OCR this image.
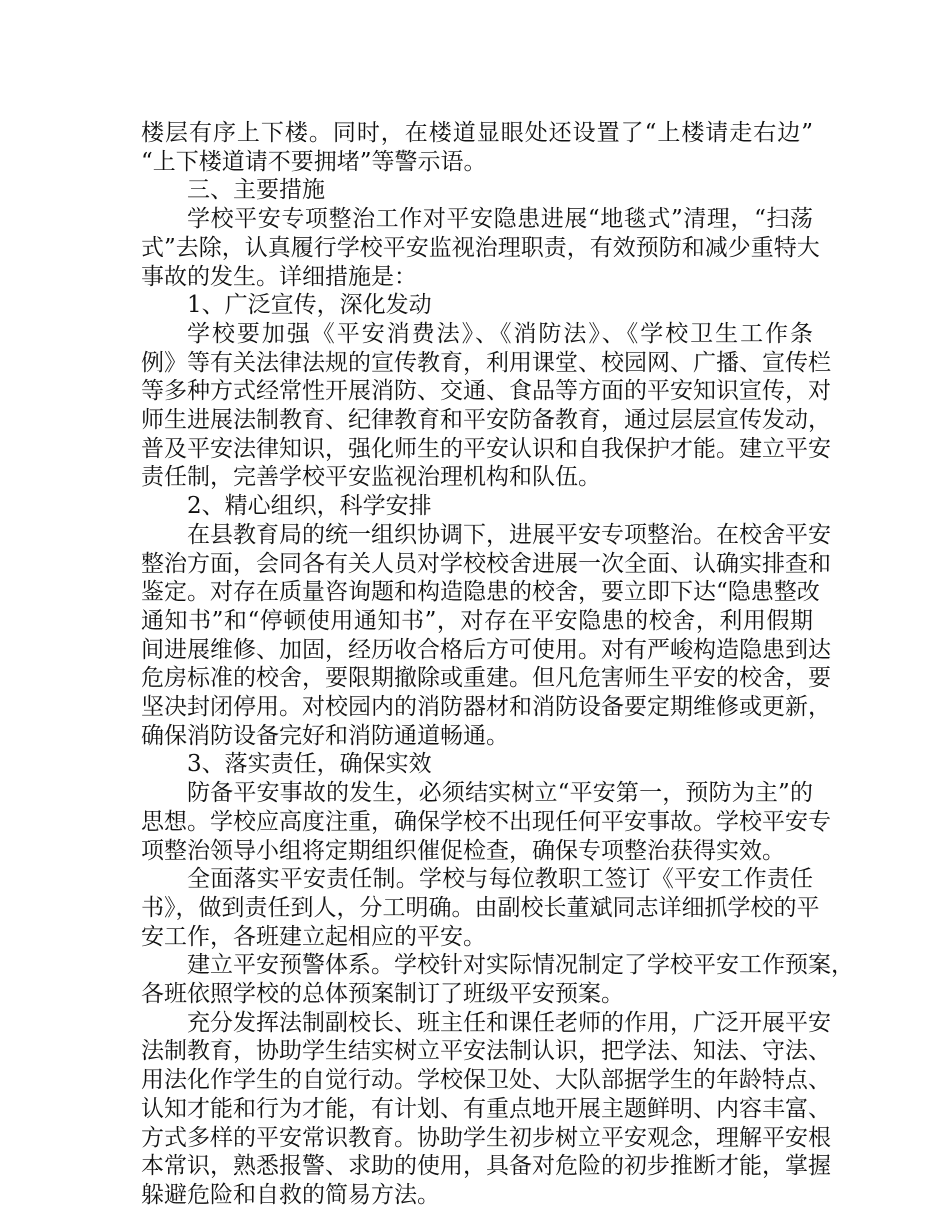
楼层有序上下楼。同时，在楼道显眼处还设置了“上楼请走右边”
“上下楼道请不要拥堵”等警示语。
三、主要措施
学校平安专项整治工作对平安隐患进展“地毯式”清理，“扫荡
式”去除，认真履行学校平安监视治理职责，有效预防和减少重特大
事故的发生。详细措施是：
1、广泛宣传，深化发动
学校要加强《平安消费法》、《消防法》、《学校卫生工作条
例》等有关法律法规的宣传教育，利用课堂、校园网、广播、宣传栏
等多种方式经常性开展消防、交通、食品等方面的平安知识宣传，对
师生进展法制教育、纪律教育和平安防备教育，通过层层宣传发动，
普及平安法律知识，强化师生的平安认识和自我保护才能。建立平安
责任制，完善学校平安监视治理机构和队伍。
2、精心组织，科学安排
在县教育局的统一组织协调下，进展平安专项整治。在校舍平安
整治方面，会同各有关人员对学校校舍进展一次全面、认确实排查和
鉴定。对存在质量咨询题和构造隐患的校舍，要立即下达“隐患整改
通知书”和“停顿使用通知书”，对存在平安隐患的校舍，利用假期
间进展维修、加固，经历收合格后方可使用。对有严峻构造隐患到达
危房标准的校舍，要限期撤除或重建。但凡危害师生平安的校舍，要
坚决封闭停用。对校园内的消防器材和消防设备要定期维修或更新，
确保消防设备完好和消防通道畅通。
3、落实责任，确保实效
防备平安事故的发生，必须结实树立“平安第一，预防为主”的
思想。学校应高度注重，确保学校不出现任何平安事故。学校平安专
项整治领导小组将定期组织催促检查，确保专项整治获得实效。
全面落实平安责任制。学校与每位教职工签订《平安工作责任
书》，做到责任到人，分工明确。由副校长董斌同志详细抓学校的平
安工作，各班建立起相应的平安。
建立平安预警体系。学校针对实际情况制定了学校平安工作预案，
各班依照学校的总体预案制订了班级平安预案。
充分发挥法制副校长、班主任和课任老师的作用，广泛开展平安
法制教育，协助学生结实树立平安法制认识，把学法、知法、守法、
用法化作学生的自觉行动。学校保卫处、大队部据学生的年龄特点、
认知才能和行为才能，有计划、有重点地开展主题鲜明、内容丰富、
方式多样的平安常识教育。协助学生初步树立平安观念，理解平安根
本常识，熟悉报警、求助的使用，具备对危险的初步推断才能，掌握
躲避危险和自救的简易方法。
